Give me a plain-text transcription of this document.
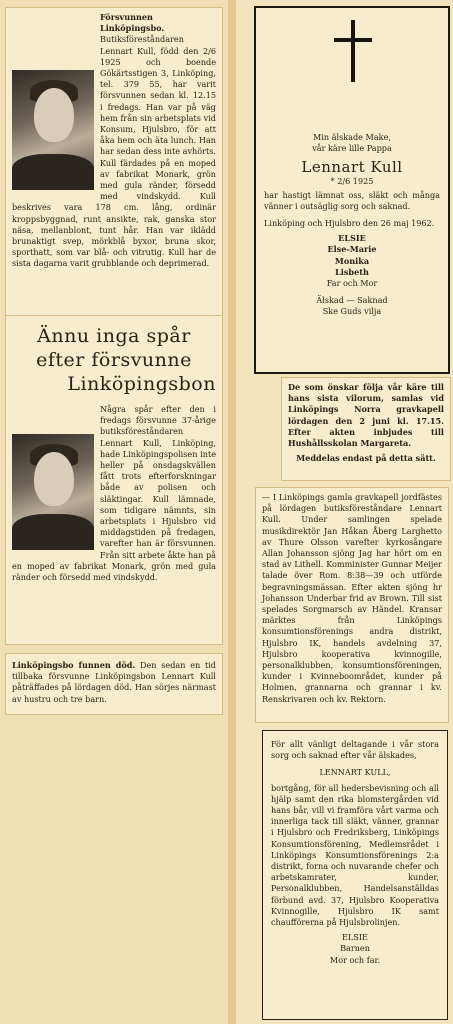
Försvunnen Linköpingsbo. Butiksföreståndaren Lennart Kull, född den 2/6 1925 och boende Gökärtsstigen 3, Linköping, tel. 379 55, har varit försvunnen sedan kl. 12.15 i fredags. Han var på väg hem från sin arbetsplats vid Konsum, Hjulsbro, för att åka hem och äta lunch. Han har sedan dess inte avhörts. Kull färdades på en moped av fabrikat Monark, grön med gula ränder, försedd med vindskydd. Kull beskrives vara 178 cm. lång, ordinär kroppsbyggnad, runt ansikte, rak, ganska stor näsa, mellanblont, tunt hår. Han var iklädd brunaktigt svep, mörkblå byxor, bruna skor, sporthatt, som var blå- och vitrutig. Kull har de sista dagarna varit grubblande och deprimerad.

Ännu inga spår
efter försvunne
Linköpingsbon

Några spår efter den i fredags försvunne 37-årige butiksföreståndaren Lennart Kull, Linköping, hade Linköpingspolisen inte heller på onsdagskvällen fått trots efterforskningar både av polisen och släktingar. Kull lämnade, som tidigare nämnts, sin arbetsplats i Hjulsbro vid middagstiden på fredagen, varefter han är försvunnen. Från sitt arbete åkte han på en moped av fabrikat Monark, grön med gula ränder och försedd med vindskydd.

Linköpingsbo funnen död. Den sedan en tid tillbaka försvunne Linköpingsbon Lennart Kull påträffades på lördagen död. Han sörjes närmast av hustru och tre barn.

Min älskade Make,

vår käre lille Pappa

Lennart Kull

* 2/6 1925

har hastigt lämnat oss, släkt och många vänner i outsäglig sorg och saknad.

Linköping och Hjulsbro den 26 maj 1962.

ELSIE

Else-Marie

Monika

Lisbeth

Far och Mor

Älskad — Saknad

Ske Guds vilja

De som önskar följa vår käre till hans sista vilorum, samlas vid Linköpings Norra gravkapell lördagen den 2 juni kl. 17.15. Efter akten inbjudes till Hushållsskolan Margareta.

Meddelas endast på detta sätt.

— I Linköpings gamla gravkapell jordfästes på lördagen butiksföreståndare Lennart Kull. Under samlingen spelade musikdirektör Jan Håkan Åberg Larghetto av Thure Olsson varefter kyrkosångare Allan Johansson sjöng Jag har hört om en stad av Lithell. Komminister Gunnar Meijer talade över Rom. 8:38—39 och utförde begravningsmässan. Efter akten sjöng hr Johansson Underbar frid av Brown. Till sist spelades Sorgmarsch av Händel. Kransar märktes från Linköpings konsumtionsförenings andra distrikt, Hjulsbro IK, handels avdelning 37, Hjulsbro kooperativa kvinnogille, personalklubben, konsumtionsföreningen, kunder i Kvinneboområdet, kunder på Holmen, grannarna och grannar i kv. Renskrivaren och kv. Rektorn.

För allt vänligt deltagande i vår stora sorg och saknad efter vår älskades,

LENNART KULL,

bortgång, för all hedersbevisning och all hjälp samt den rika blomstergården vid hans bår, vill vi framföra vårt varma och innerliga tack till släkt, vänner, grannar i Hjulsbro och Fredriksberg, Linköpings Konsumtionsförening, Medlemsrådet i Linköpings Konsumtionsförenings 2:a distrikt, forna och nuvarande chefer och arbetskamrater, kunder, Personalklubben, Handelsanställdas förbund avd. 37, Hjulsbro Kooperativa Kvinnogille, Hjulsbro IK samt chaufförerna på Hjulsbrolinjen.

ELSIE

Barnen

Mor och far.
